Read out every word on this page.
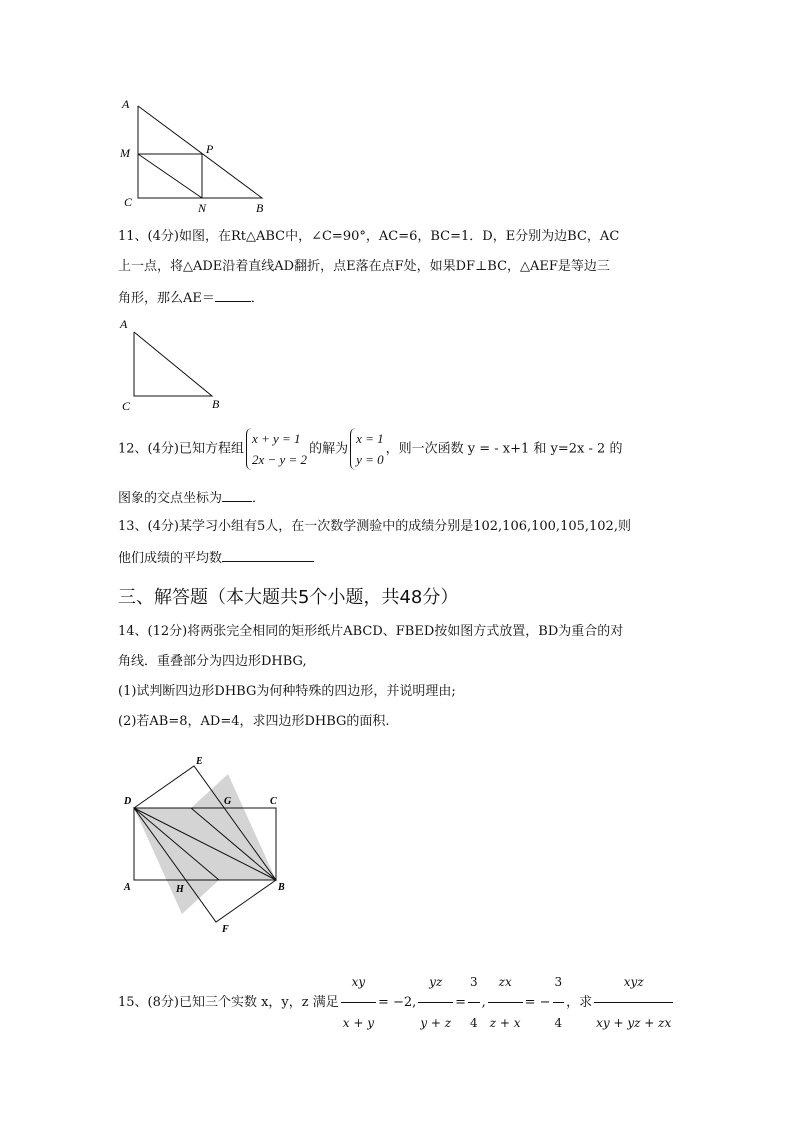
A
M	P
C	N	B
11、(4分)如图，在Rt△ABC中，∠C=90°，AC=6，BC=1．D，E分别为边BC，AC
上一点，将△ADE沿着直线AD翻折，点E落在点F处，如果DF⊥BC，△AEF是等边三
角形，那么AE＝	．
A
C	B
12、(4分)已知方程组
x + y = 1
2x − y = 2
的解为
x = 1
y = 0
，则一次函数 y = - x+1 和 y=2x - 2 的
图象的交点坐标为 ．
13、(4分)某学习小组有5人，在一次数学测验中的成绩分别是102,106,100,105,102,则
他们成绩的平均数
三、解答题（本大题共5个小题，共48分）
14、(12分)将两张完全相同的矩形纸片ABCD、FBED按如图方式放置，BD为重合的对
角线．重叠部分为四边形DHBG,
(1)试判断四边形DHBG为何种特殊的四边形，并说明理由;
(2)若AB=8，AD=4，求四边形DHBG的面积.
E
D	G	C
A	H	B
F
15、(8分)已知三个实数 x，y，z 满足 $\frac{xy}{x + y} = -2$, $\frac{yz}{y + z} = \frac{3}{4}$ , $\frac{zx}{z + x}$ = − $\frac{3}{4}$ ，求 $\frac{\text{xyz}}{xy + yz + zx}$
